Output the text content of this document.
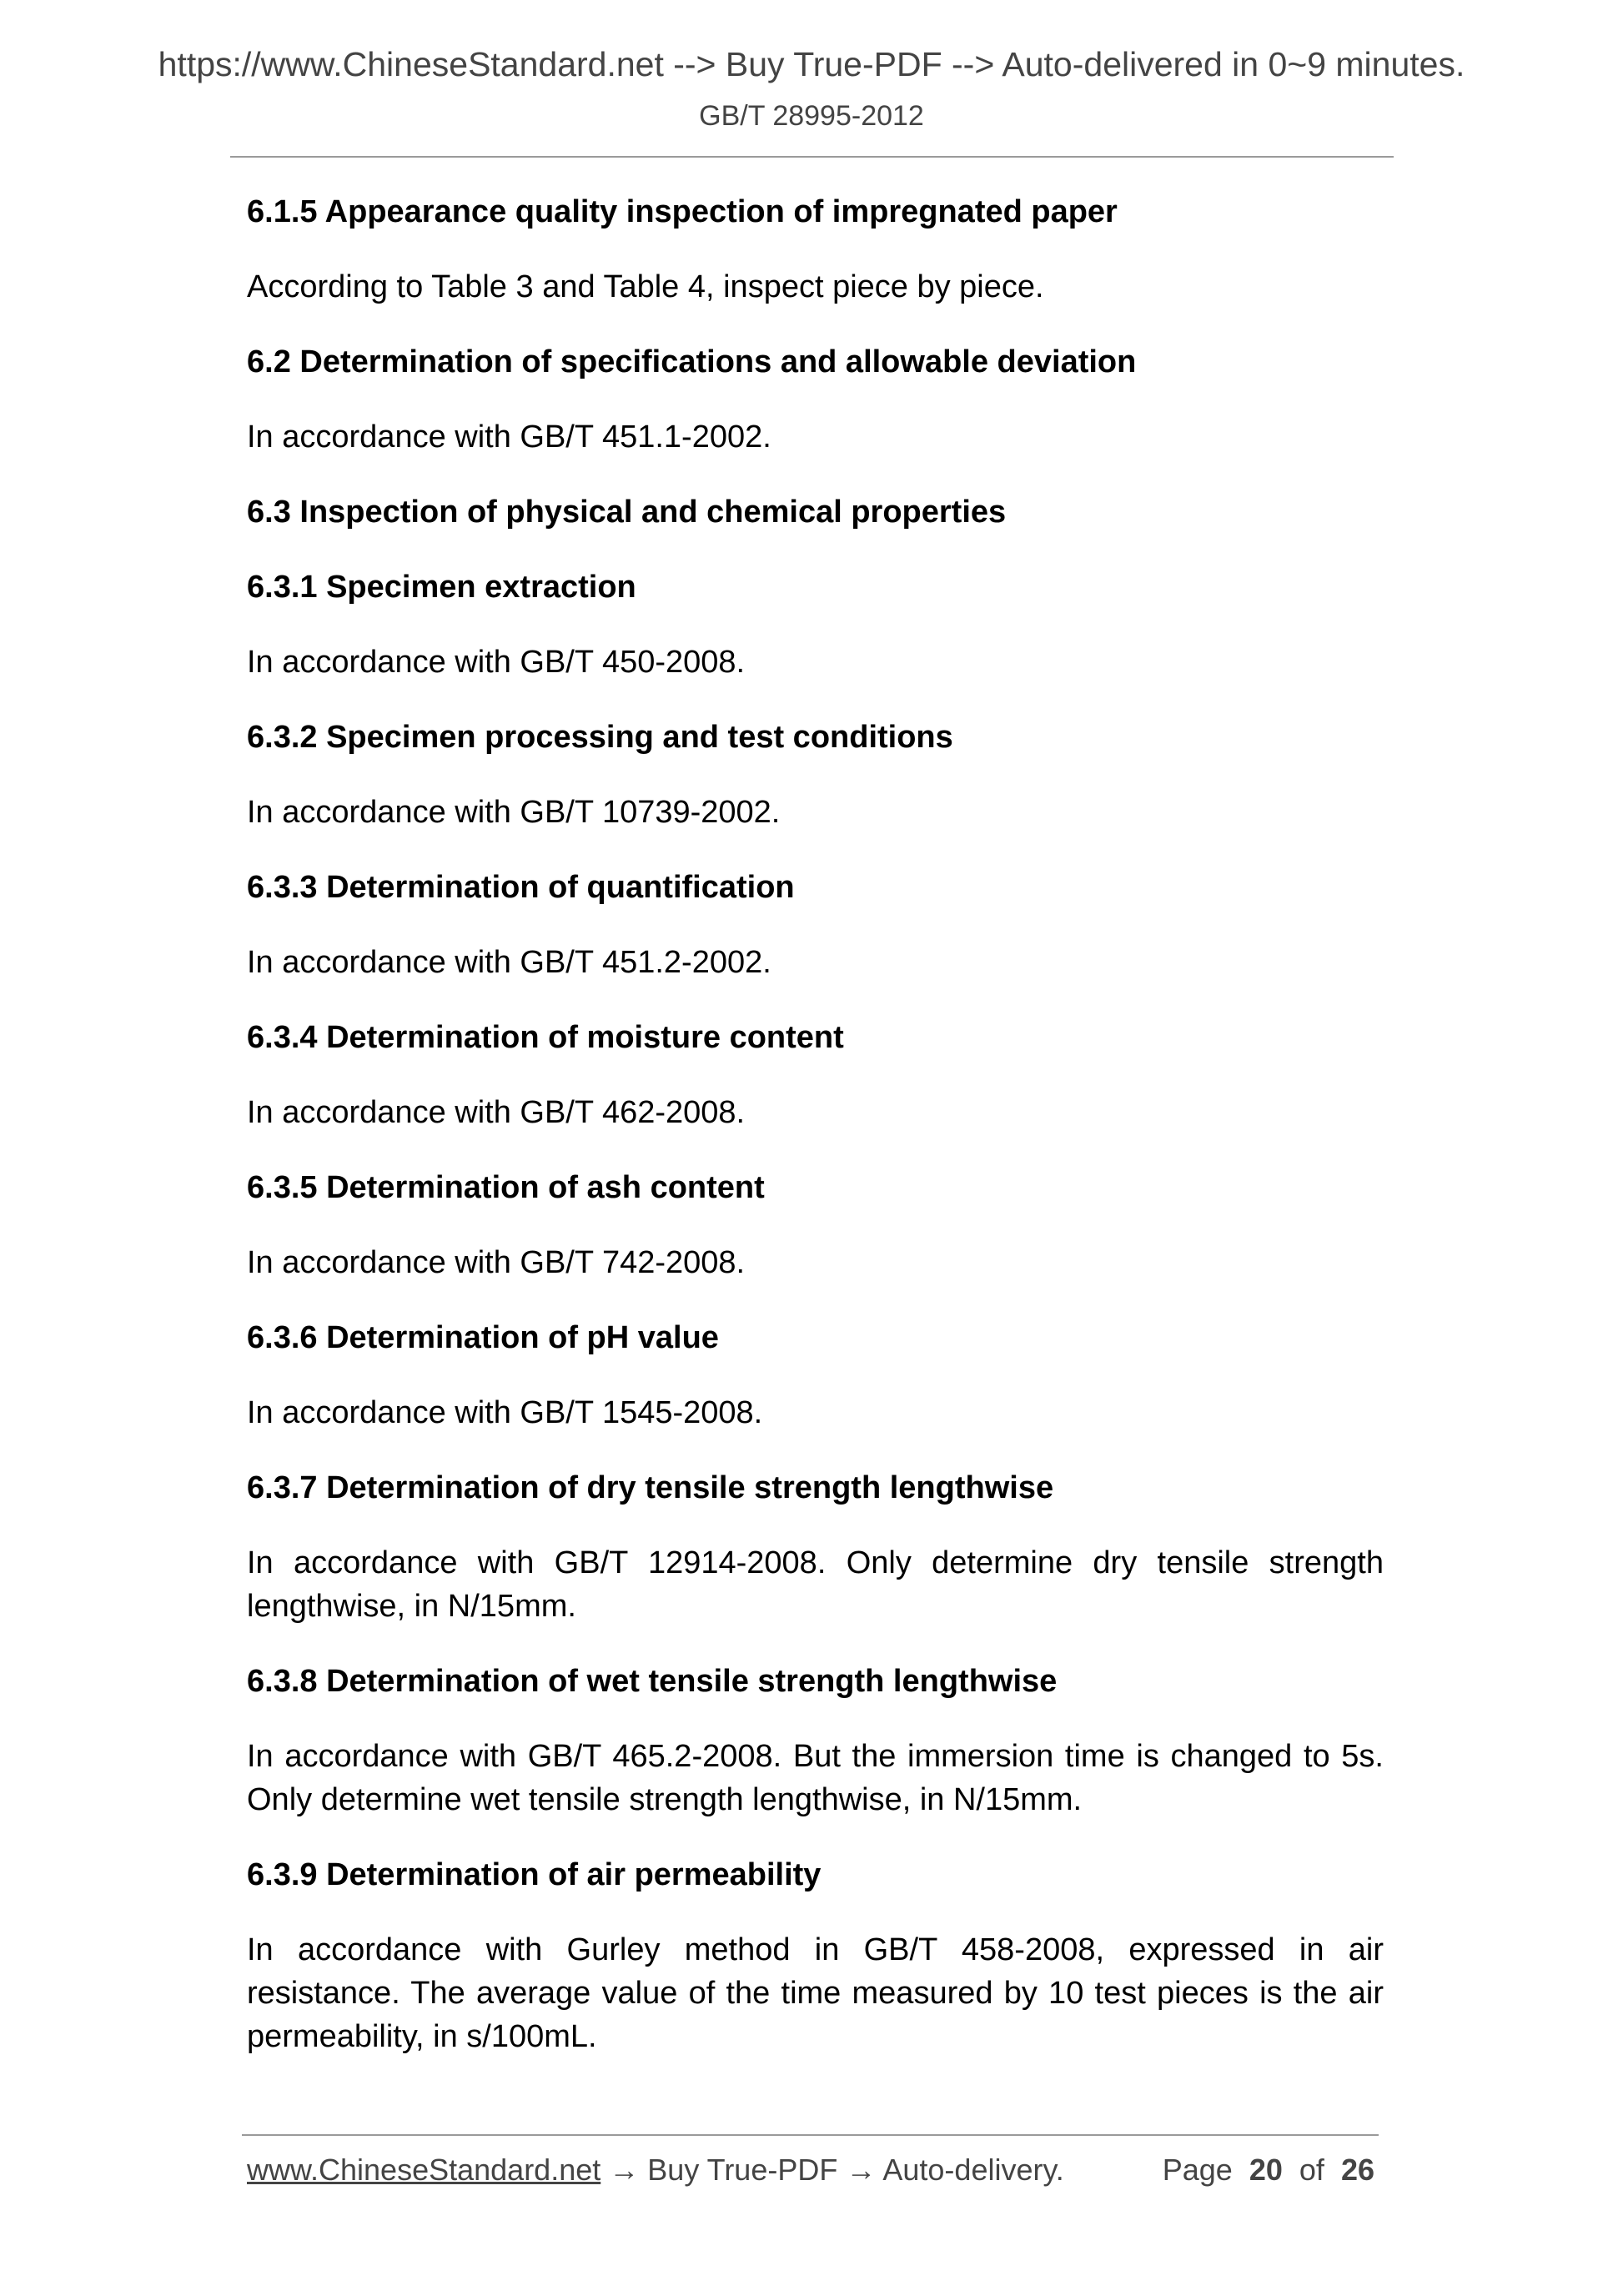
https://www.ChineseStandard.net --> Buy True-PDF --> Auto-delivered in 0~9 minutes.
GB/T 28995-2012
6.1.5 Appearance quality inspection of impregnated paper
According to Table 3 and Table 4, inspect piece by piece.
6.2 Determination of specifications and allowable deviation
In accordance with GB/T 451.1-2002.
6.3 Inspection of physical and chemical properties
6.3.1 Specimen extraction
In accordance with GB/T 450-2008.
6.3.2 Specimen processing and test conditions
In accordance with GB/T 10739-2002.
6.3.3 Determination of quantification
In accordance with GB/T 451.2-2002.
6.3.4 Determination of moisture content
In accordance with GB/T 462-2008.
6.3.5 Determination of ash content
In accordance with GB/T 742-2008.
6.3.6 Determination of pH value
In accordance with GB/T 1545-2008.
6.3.7 Determination of dry tensile strength lengthwise
In accordance with GB/T 12914-2008. Only determine dry tensile strength lengthwise, in N/15mm.
6.3.8 Determination of wet tensile strength lengthwise
In accordance with GB/T 465.2-2008. But the immersion time is changed to 5s. Only determine wet tensile strength lengthwise, in N/15mm.
6.3.9 Determination of air permeability
In accordance with Gurley method in GB/T 458-2008, expressed in air resistance. The average value of the time measured by 10 test pieces is the air permeability, in s/100mL.
www.ChineseStandard.net → Buy True-PDF → Auto-delivery.	Page 20 of 26
